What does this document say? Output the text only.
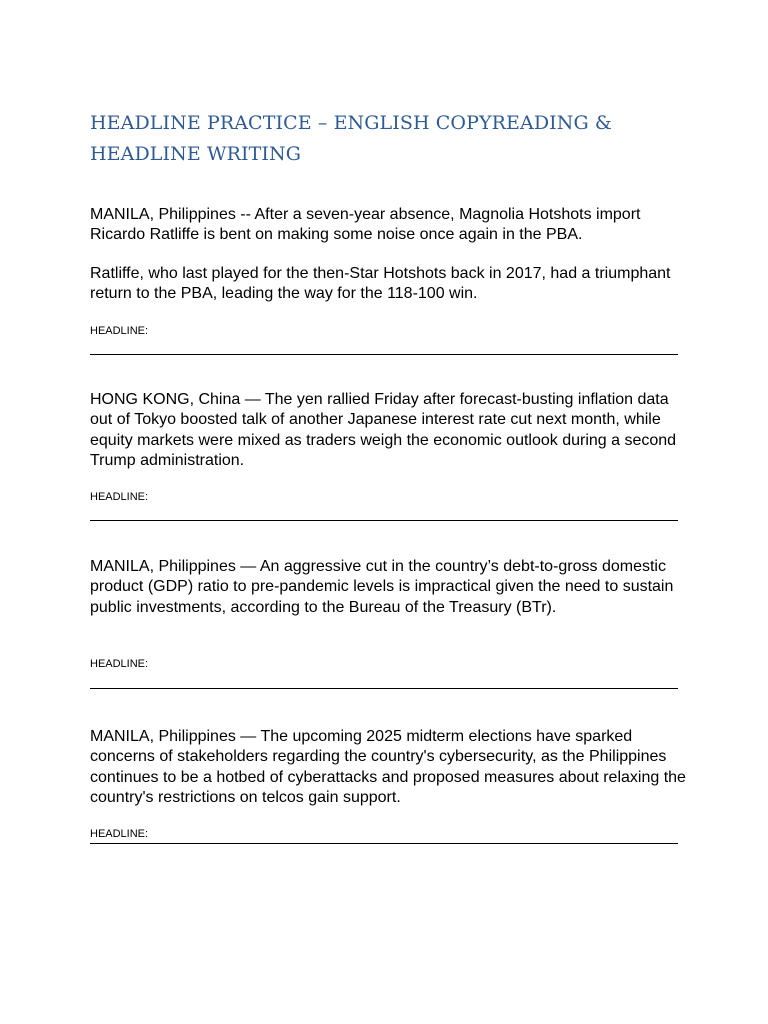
HEADLINE PRACTICE – ENGLISH COPYREADING & HEADLINE WRITING

MANILA, Philippines -- After a seven-year absence, Magnolia Hotshots import Ricardo Ratliffe is bent on making some noise once again in the PBA.

Ratliffe, who last played for the then-Star Hotshots back in 2017, had a triumphant return to the PBA, leading the way for the 118-100 win.

HEADLINE:

HONG KONG, China — The yen rallied Friday after forecast-busting inflation data out of Tokyo boosted talk of another Japanese interest rate cut next month, while equity markets were mixed as traders weigh the economic outlook during a second Trump administration.

HEADLINE:

MANILA, Philippines — An aggressive cut in the country’s debt-to-gross domestic product (GDP) ratio to pre-pandemic levels is impractical given the need to sustain public investments, according to the Bureau of the Treasury (BTr).

HEADLINE:

MANILA, Philippines — The upcoming 2025 midterm elections have sparked concerns of stakeholders regarding the country's cybersecurity, as the Philippines continues to be a hotbed of cyberattacks and proposed measures about relaxing the country's restrictions on telcos gain support.

HEADLINE:
